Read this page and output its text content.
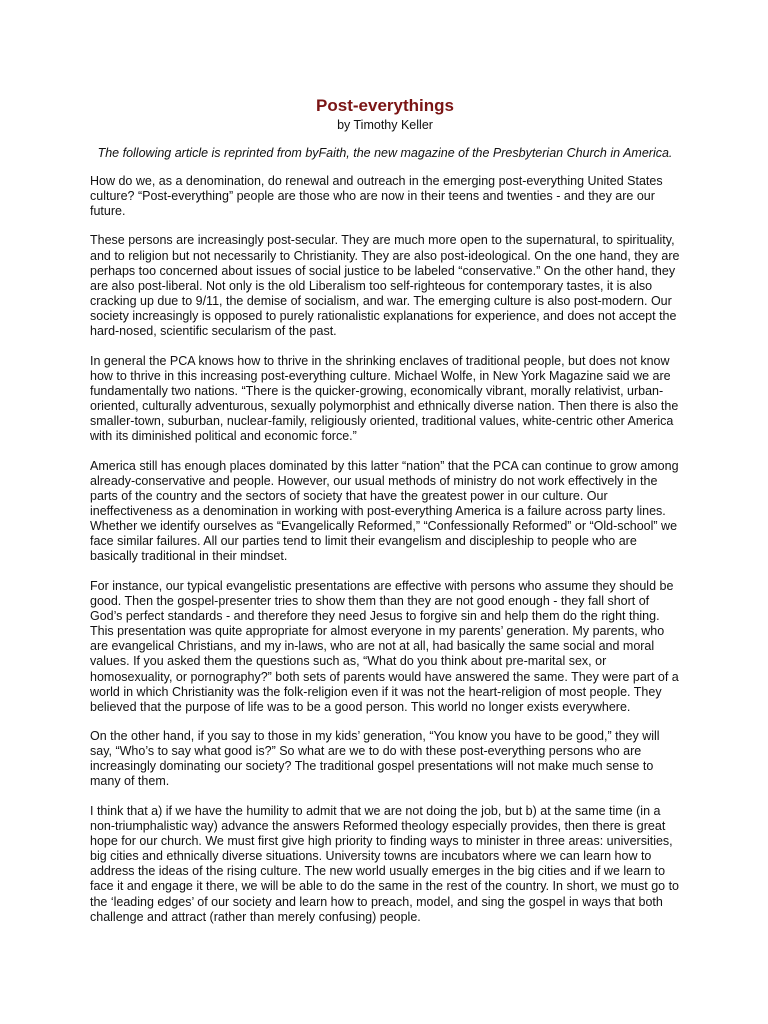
Post-everythings

by Timothy Keller

The following article is reprinted from byFaith, the new magazine of the Presbyterian Church in America.

How do we, as a denomination, do renewal and outreach in the emerging post-everything United States culture? “Post-everything” people are those who are now in their teens and twenties - and they are our future.

These persons are increasingly post-secular. They are much more open to the supernatural, to spirituality, and to religion but not necessarily to Christianity. They are also post-ideological. On the one hand, they are perhaps too concerned about issues of social justice to be labeled “conservative.” On the other hand, they are also post-liberal. Not only is the old Liberalism too self-righteous for contemporary tastes, it is also cracking up due to 9/11, the demise of socialism, and war. The emerging culture is also post-modern. Our society increasingly is opposed to purely rationalistic explanations for experience, and does not accept the hard-nosed, scientific secularism of the past.

In general the PCA knows how to thrive in the shrinking enclaves of traditional people, but does not know how to thrive in this increasing post-everything culture. Michael Wolfe, in New York Magazine said we are fundamentally two nations. “There is the quicker-growing, economically vibrant, morally relativist, urban-oriented, culturally adventurous, sexually polymorphist and ethnically diverse nation. Then there is also the smaller-town, suburban, nuclear-family, religiously oriented, traditional values, white-centric other America with its diminished political and economic force.”

America still has enough places dominated by this latter “nation” that the PCA can continue to grow among already-conservative and people. However, our usual methods of ministry do not work effectively in the parts of the country and the sectors of society that have the greatest power in our culture. Our ineffectiveness as a denomination in working with post-everything America is a failure across party lines. Whether we identify ourselves as “Evangelically Reformed,” “Confessionally Reformed” or “Old-school” we face similar failures. All our parties tend to limit their evangelism and discipleship to people who are basically traditional in their mindset.

For instance, our typical evangelistic presentations are effective with persons who assume they should be good. Then the gospel-presenter tries to show them than they are not good enough - they fall short of God’s perfect standards - and therefore they need Jesus to forgive sin and help them do the right thing. This presentation was quite appropriate for almost everyone in my parents’ generation. My parents, who are evangelical Christians, and my in-laws, who are not at all, had basically the same social and moral values. If you asked them the questions such as, “What do you think about pre-marital sex, or homosexuality, or pornography?” both sets of parents would have answered the same. They were part of a world in which Christianity was the folk-religion even if it was not the heart-religion of most people. They believed that the purpose of life was to be a good person. This world no longer exists everywhere.

On the other hand, if you say to those in my kids’ generation, “You know you have to be good,” they will say, “Who’s to say what good is?” So what are we to do with these post-everything persons who are increasingly dominating our society? The traditional gospel presentations will not make much sense to many of them.

I think that a) if we have the humility to admit that we are not doing the job, but b) at the same time (in a non-triumphalistic way) advance the answers Reformed theology especially provides, then there is great hope for our church. We must first give high priority to finding ways to minister in three areas: universities, big cities and ethnically diverse situations. University towns are incubators where we can learn how to address the ideas of the rising culture. The new world usually emerges in the big cities and if we learn to face it and engage it there, we will be able to do the same in the rest of the country. In short, we must go to the ‘leading edges’ of our society and learn how to preach, model, and sing the gospel in ways that both challenge and attract (rather than merely confusing) people.
